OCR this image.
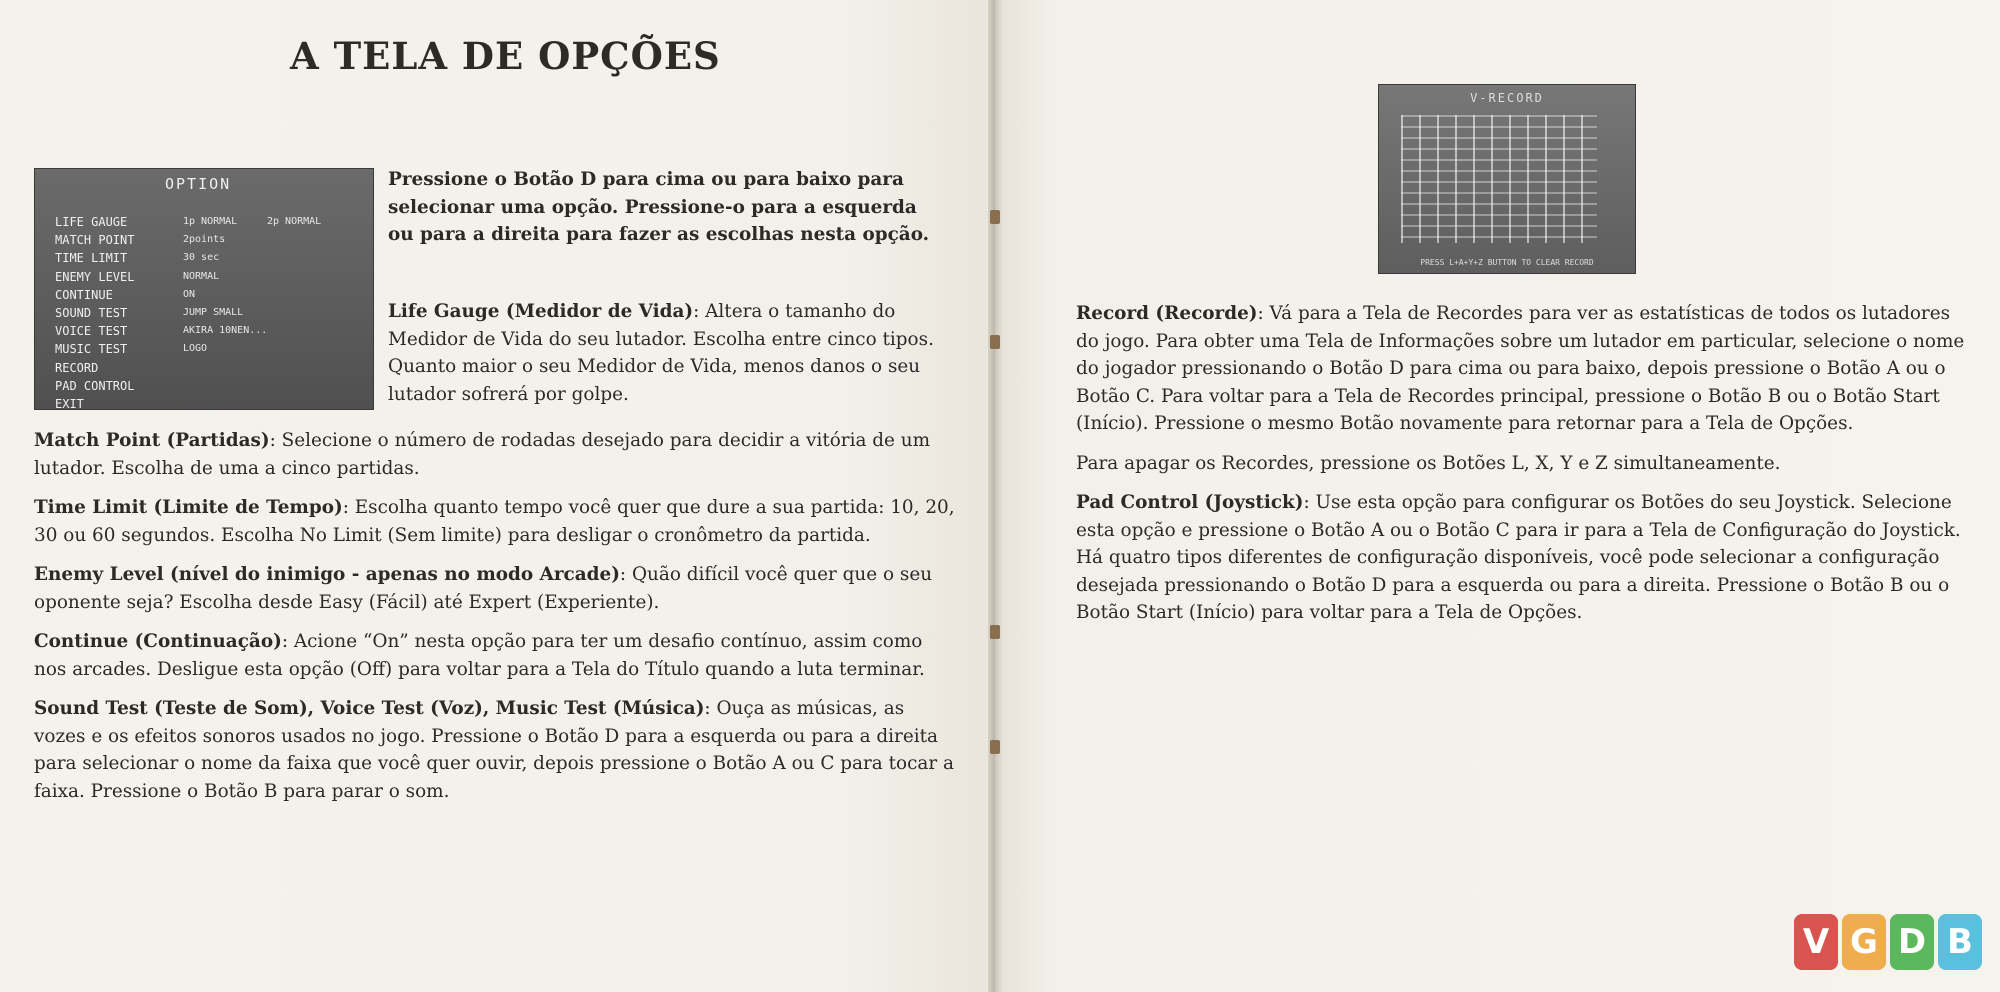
A TELA DE OPÇÕES
OPTION
LIFE GAUGE
MATCH POINT
TIME LIMIT
ENEMY LEVEL
CONTINUE
SOUND TEST
VOICE TEST
MUSIC TEST
RECORD
PAD CONTROL
EXIT
1p NORMAL
2points
30 sec
NORMAL
ON
JUMP SMALL
AKIRA 10NEN...
LOGO
2p NORMAL
Pressione o Botão D para cima ou para baixo para selecionar uma opção. Pressione-o para a esquerda ou para a direita para fazer as escolhas nesta opção.
Life Gauge (Medidor de Vida): Altera o tamanho do Medidor de Vida do seu lutador. Escolha entre cinco tipos. Quanto maior o seu Medidor de Vida, menos danos o seu lutador sofrerá por golpe.

Match Point (Partidas): Selecione o número de rodadas desejado para decidir a vitória de um lutador. Escolha de uma a cinco partidas.

Time Limit (Limite de Tempo): Escolha quanto tempo você quer que dure a sua partida: 10, 20, 30 ou 60 segundos. Escolha No Limit (Sem limite) para desligar o cronômetro da partida.

Enemy Level (nível do inimigo - apenas no modo Arcade): Quão difícil você quer que o seu oponente seja? Escolha desde Easy (Fácil) até Expert (Experiente).

Continue (Continuação): Acione “On” nesta opção para ter um desafio contínuo, assim como nos arcades. Desligue esta opção (Off) para voltar para a Tela do Título quando a luta terminar.

Sound Test (Teste de Som), Voice Test (Voz), Music Test (Música): Ouça as músicas, as vozes e os efeitos sonoros usados no jogo. Pressione o Botão D para a esquerda ou para a direita para selecionar o nome da faixa que você quer ouvir, depois pressione o Botão A ou C para tocar a faixa. Pressione o Botão B para parar o som.

V-RECORD
PRESS L+A+Y+Z BUTTON TO CLEAR RECORD

Record (Recorde): Vá para a Tela de Recordes para ver as estatísticas de todos os lutadores do jogo. Para obter uma Tela de Informações sobre um lutador em particular, selecione o nome do jogador pressionando o Botão D para cima ou para baixo, depois pressione o Botão A ou o Botão C. Para voltar para a Tela de Recordes principal, pressione o Botão B ou o Botão Start (Início). Pressione o mesmo Botão novamente para retornar para a Tela de Opções.

Para apagar os Recordes, pressione os Botões L, X, Y e Z simultaneamente.

Pad Control (Joystick): Use esta opção para configurar os Botões do seu Joystick. Selecione esta opção e pressione o Botão A ou o Botão C para ir para a Tela de Configuração do Joystick. Há quatro tipos diferentes de configuração disponíveis, você pode selecionar a configuração desejada pressionando o Botão D para a esquerda ou para a direita. Pressione o Botão B ou o Botão Start (Início) para voltar para a Tela de Opções.

V G D B
